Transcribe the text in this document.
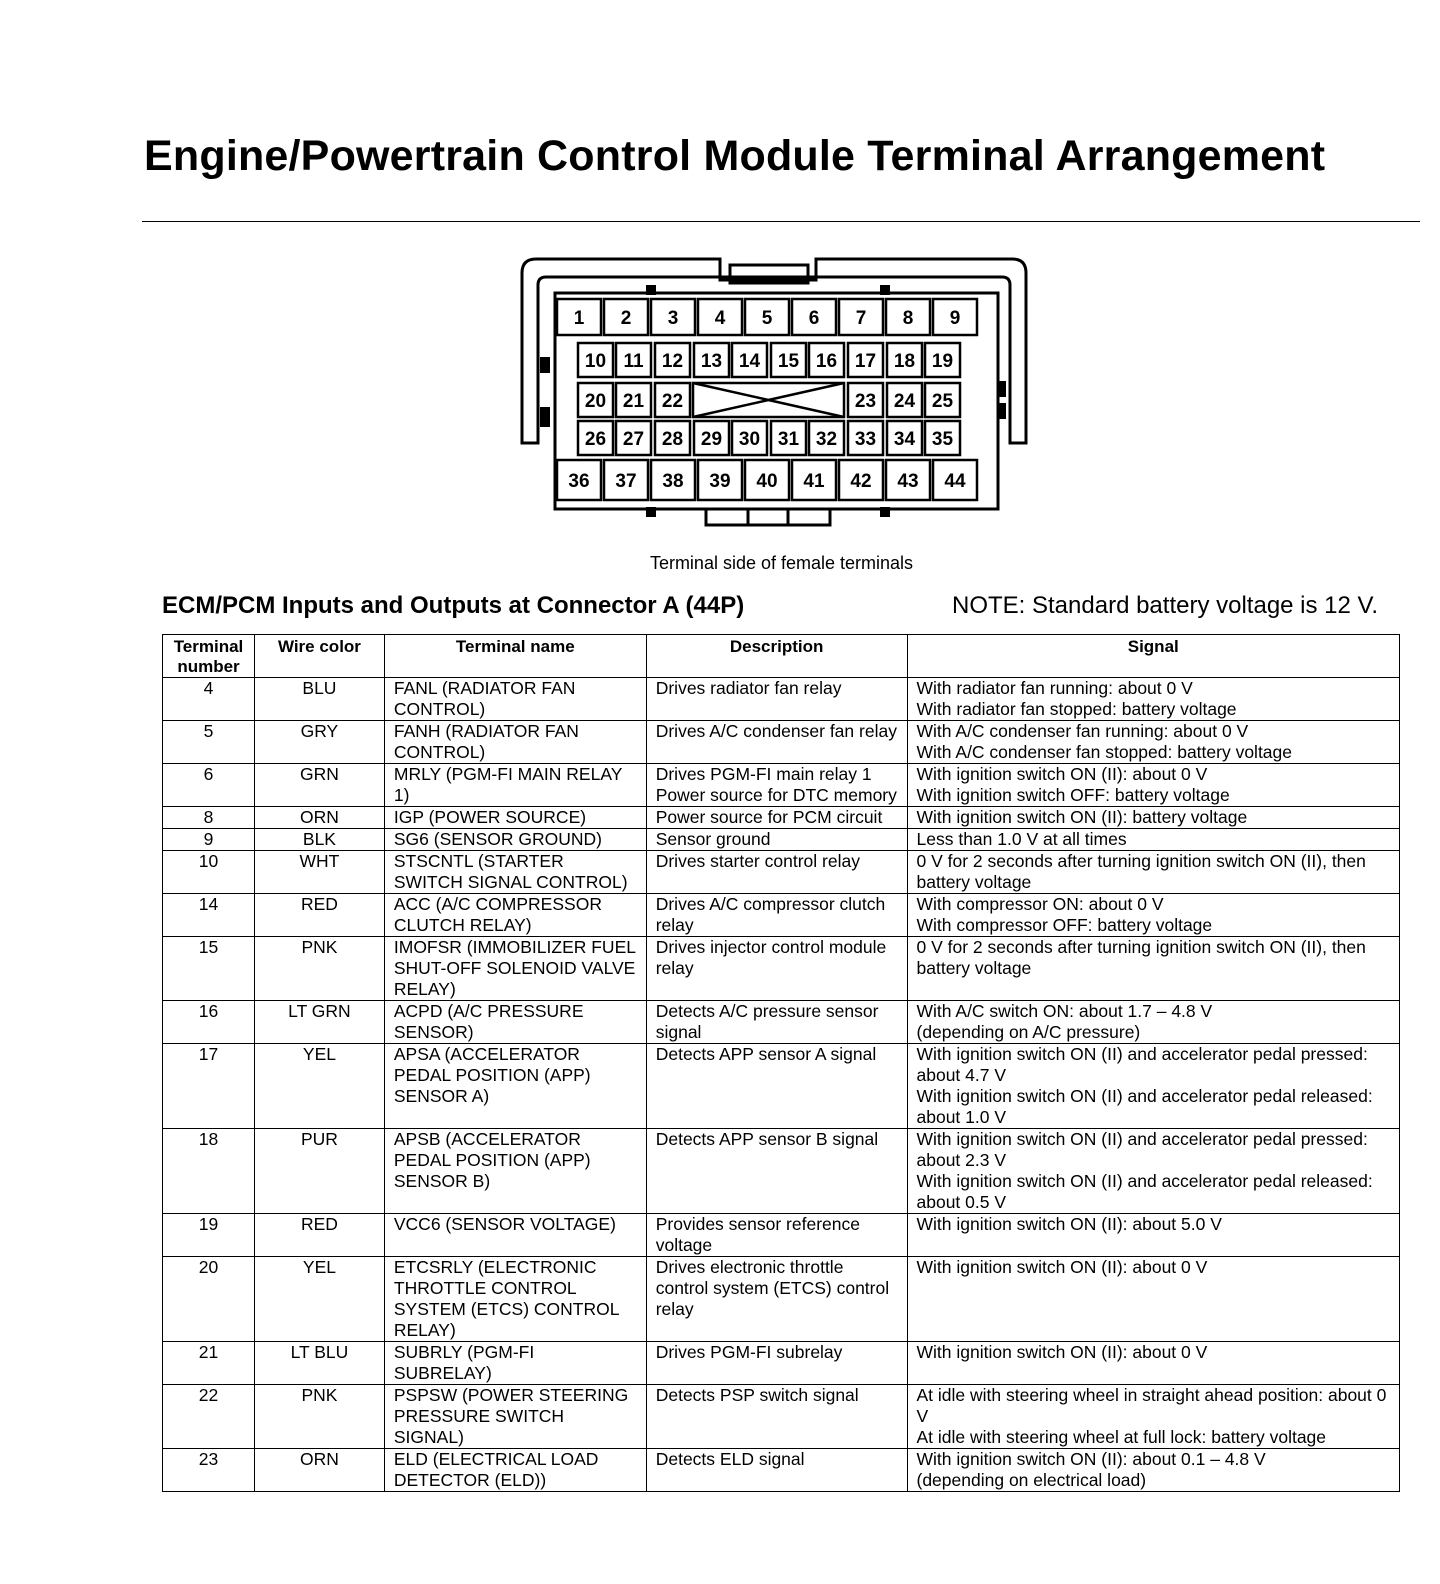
Engine/Powertrain Control Module Terminal Arrangement
1 2 3 4 5 6 7 8 9
10 11 12 13 14 15 16 17 18 19
20 21 22	23 24 25
26 27 28 29 30 31 32 33 34 35
36 37 38 39 40 41 42 43 44
Terminal side of female terminals
ECM/PCM Inputs and Outputs at Connector A (44P)	NOTE: Standard battery voltage is 12 V.
Terminal number	Wire color	Terminal name	Description	Signal
4	BLU	FANL (RADIATOR FAN CONTROL)	Drives radiator fan relay	With radiator fan running: about 0 V
With radiator fan stopped: battery voltage

5	GRY	FANH (RADIATOR FAN CONTROL)	Drives A/C condenser fan relay	With A/C condenser fan running: about 0 V
With A/C condenser fan stopped: battery voltage

6	GRN	MRLY (PGM-FI MAIN RELAY 1)	Drives PGM-FI main relay 1 Power source for DTC memory	With ignition switch ON (II): about 0 V
With ignition switch OFF: battery voltage

8	ORN	IGP (POWER SOURCE)	Power source for PCM circuit	With ignition switch ON (II): battery voltage

9	BLK	SG6 (SENSOR GROUND)	Sensor ground	Less than 1.0 V at all times

10	WHT	STSCNTL (STARTER SWITCH SIGNAL CONTROL)	Drives starter control relay	0 V for 2 seconds after turning ignition switch ON (II), then battery voltage

14	RED	ACC (A/C COMPRESSOR CLUTCH RELAY)	Drives A/C compressor clutch relay	With compressor ON: about 0 V
With compressor OFF: battery voltage

15	PNK	IMOFSR (IMMOBILIZER FUEL SHUT-OFF SOLENOID VALVE RELAY)	Drives injector control module relay	0 V for 2 seconds after turning ignition switch ON (II), then battery voltage

16	LT GRN	ACPD (A/C PRESSURE SENSOR)	Detects A/C pressure sensor signal	With A/C switch ON: about 1.7 – 4.8 V
(depending on A/C pressure)

17	YEL	APSA (ACCELERATOR PEDAL POSITION (APP) SENSOR A)	Detects APP sensor A signal	With ignition switch ON (II) and accelerator pedal pressed: about 4.7 V
With ignition switch ON (II) and accelerator pedal released: about 1.0 V

18	PUR	APSB (ACCELERATOR PEDAL POSITION (APP) SENSOR B)	Detects APP sensor B signal	With ignition switch ON (II) and accelerator pedal pressed: about 2.3 V
With ignition switch ON (II) and accelerator pedal released: about 0.5 V

19	RED	VCC6 (SENSOR VOLTAGE)	Provides sensor reference voltage	With ignition switch ON (II): about 5.0 V

20	YEL	ETCSRLY (ELECTRONIC THROTTLE CONTROL SYSTEM (ETCS) CONTROL RELAY)	Drives electronic throttle control system (ETCS) control relay	With ignition switch ON (II): about 0 V

21	LT BLU	SUBRLY (PGM-FI SUBRELAY)	Drives PGM-FI subrelay	With ignition switch ON (II): about 0 V

22	PNK	PSPSW (POWER STEERING PRESSURE SWITCH SIGNAL)	Detects PSP switch signal	At idle with steering wheel in straight ahead position: about 0 V
At idle with steering wheel at full lock: battery voltage

23	ORN	ELD (ELECTRICAL LOAD DETECTOR (ELD))	Detects ELD signal	With ignition switch ON (II): about 0.1 – 4.8 V
(depending on electrical load)
